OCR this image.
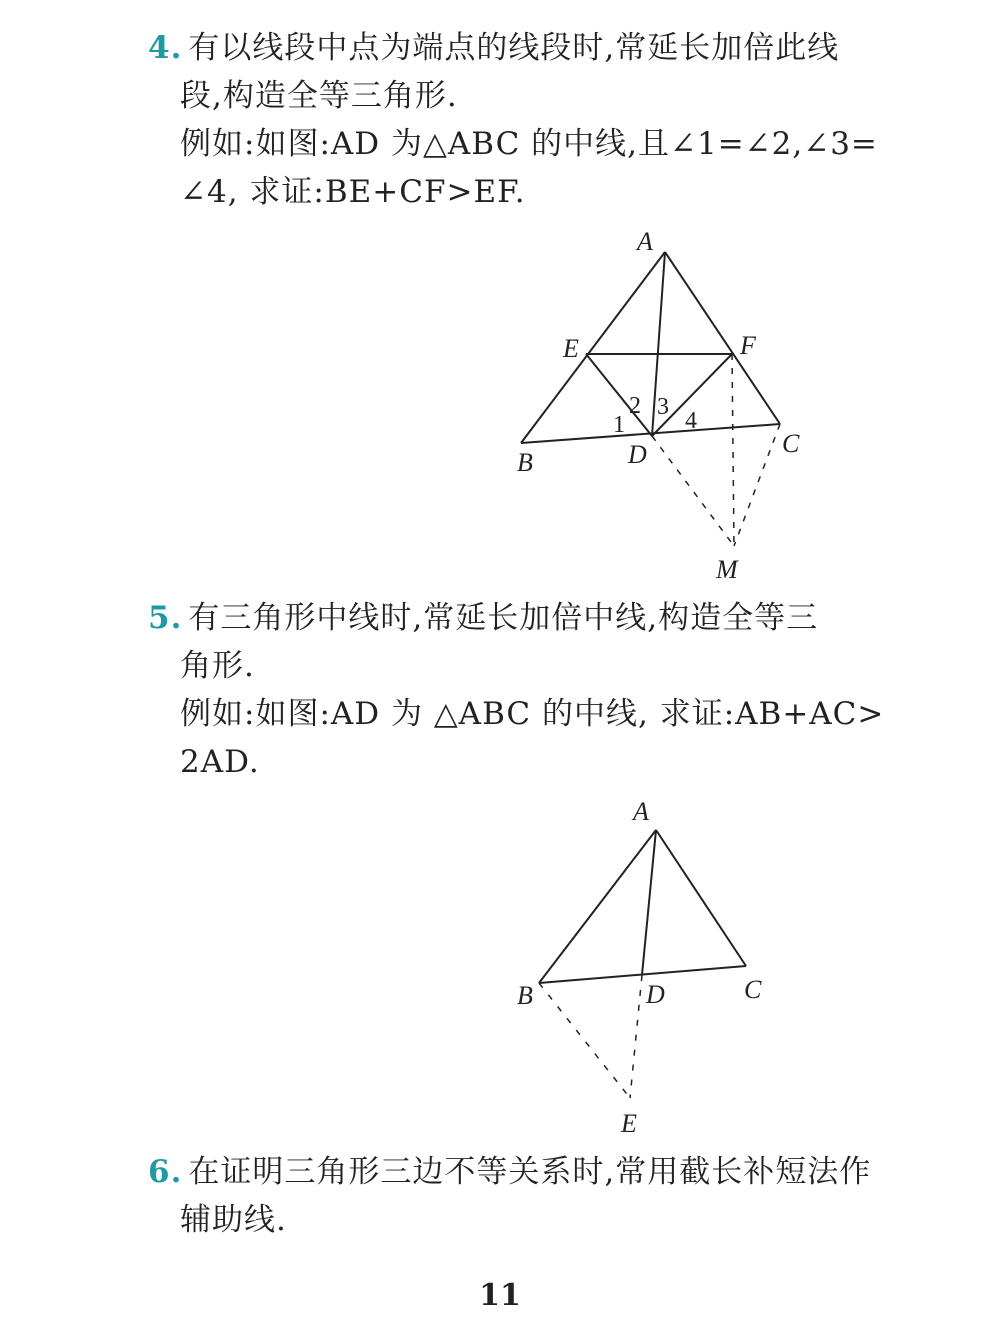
4. 有以线段中点为端点的线段时,常延长加倍此线
段,构造全等三角形.
例如:如图:AD 为△ABC 的中线,且∠1=∠2,∠3=
∠4, 求证:BE+CF>EF.
A
E	F
B	D	C
M
1
2 3
4
5. 有三角形中线时,常延长加倍中线,构造全等三
角形.
例如:如图:AD 为 △ABC 的中线, 求证:AB+AC>
2AD.
A
B	D	C
E
6. 在证明三角形三边不等关系时,常用截长补短法作
辅助线.
11
